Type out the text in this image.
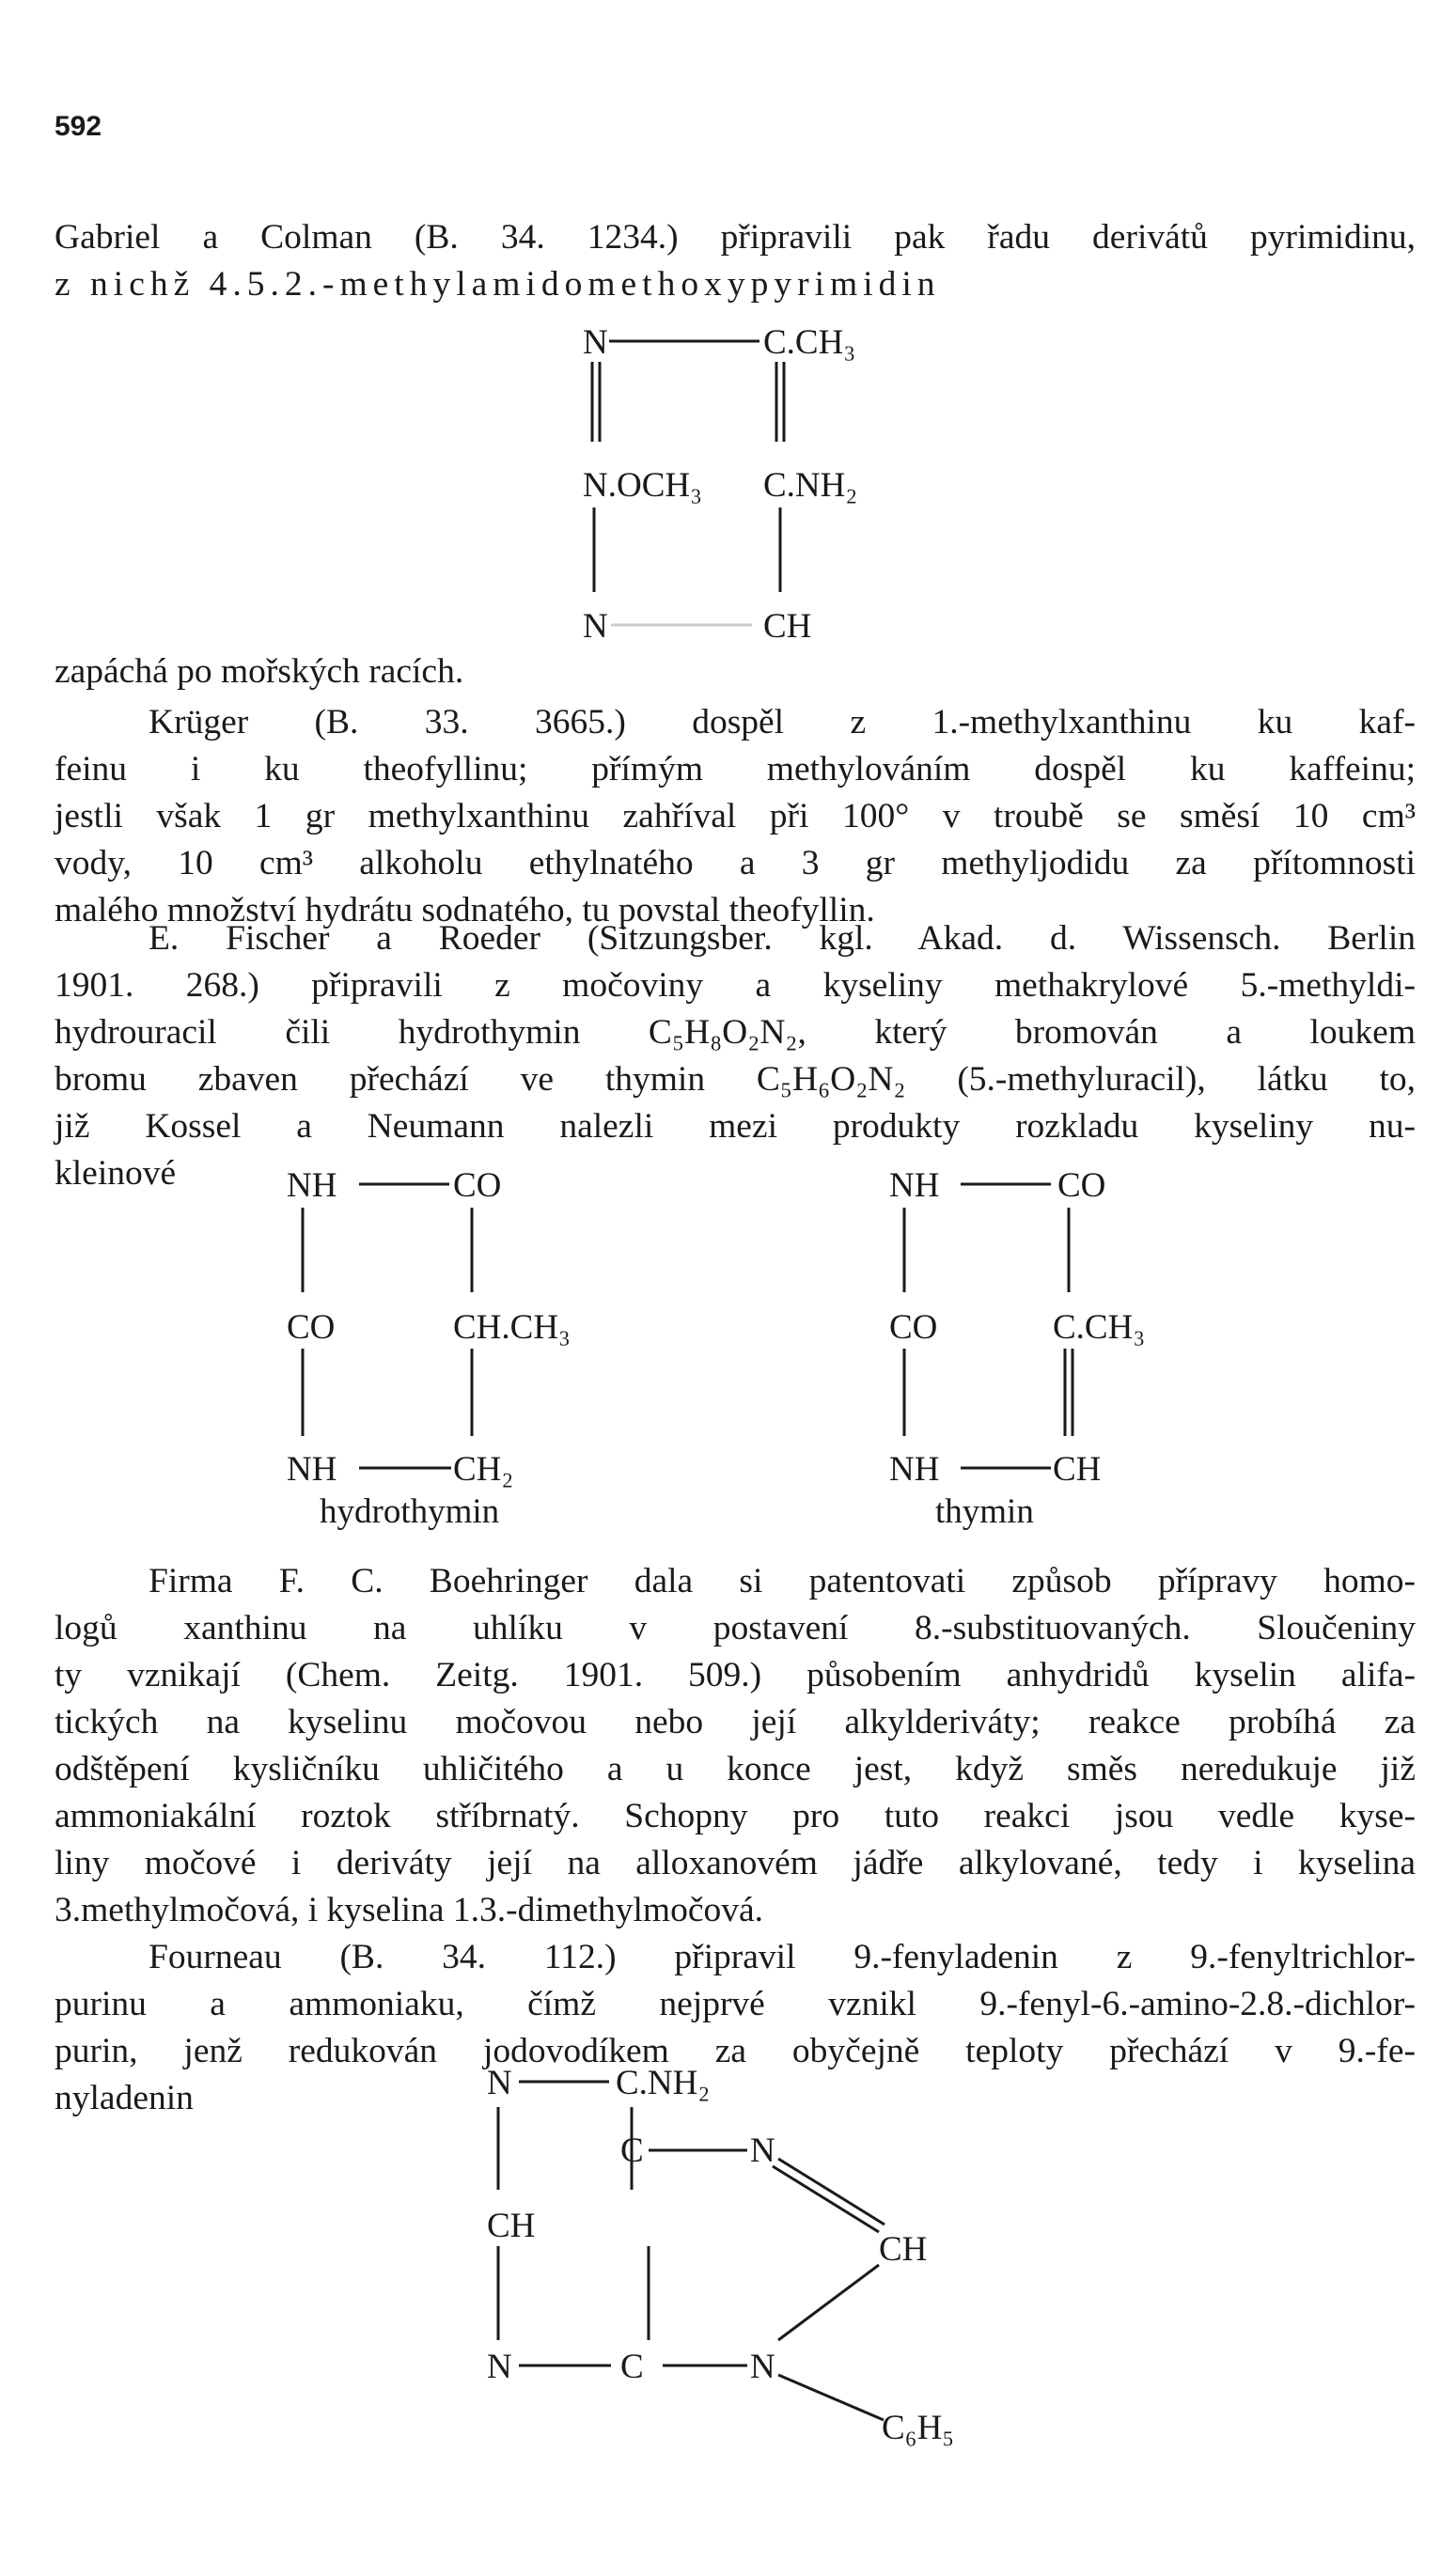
592
Gabriel a Colman (B. 34. 1234.) připravili pak řadu derivátů pyrimidinu,
z nichž 4.5.2.-methylamidomethoxypyrimidin
zapáchá po mořských racích.
Krüger (B. 33. 3665.) dospěl z 1.-methylxanthinu ku kaf-
feinu i ku theofyllinu; přímým methylováním dospěl ku kaffeinu;
jestli však 1 gr methylxanthinu zahříval při 100° v troubě se směsí 10 cm³
vody, 10 cm³ alkoholu ethylnatého a 3 gr methyljodidu za přítomnosti
malého množství hydrátu sodnatého, tu povstal theofyllin.
E. Fischer a Roeder (Sitzungsber. kgl. Akad. d. Wissensch. Berlin
1901. 268.) připravili z močoviny a kyseliny methakrylové 5.-methyldi-
hydrouracil čili hydrothymin C₅H₈O₂N₂, který bromován a loukem
bromu zbaven přechází ve thymin C₅H₆O₂N₂ (5.-methyluracil), látku to,
již Kossel a Neumann nalezli mezi produkty rozkladu kyseliny nu-
kleinové
Firma F. C. Boehringer dala si patentovati způsob přípravy homo-
logů xanthinu na uhlíku v postavení 8.-substituovaných. Sloučeniny
ty vznikají (Chem. Zeitg. 1901. 509.) působením anhydridů kyselin alifa-
tických na kyselinu močovou nebo její alkylderiváty; reakce probíhá za
odštěpení kysličníku uhličitého a u konce jest, když směs neredukuje již
ammoniakální roztok stříbrnatý. Schopny pro tuto reakci jsou vedle kyse-
liny močové i deriváty její na alloxanovém jádře alkylované, tedy i kyselina
3.methylmočová, i kyselina 1.3.-dimethylmočová.
Fourneau (B. 34. 112.) připravil 9.-fenyladenin z 9.-fenyltrichlor-
purinu a ammoniaku, čímž nejprvé vznikl 9.-fenyl-6.-amino-2.8.-dichlor-
purin, jenž redukován jodovodíkem za obyčejně teploty přechází v 9.-fe-
nyladenin
N	C.CH₃
N.OCH₃ C.NH₂
N	CH
NH	CO
CO	CH.CH₃
NH	CH₂
hydrothymin
NH	CO
CO	C.CH₃
NH	CH
thymin
N	C.NH₂
CH
C	N
CH
N	C	N
C₆H₅
